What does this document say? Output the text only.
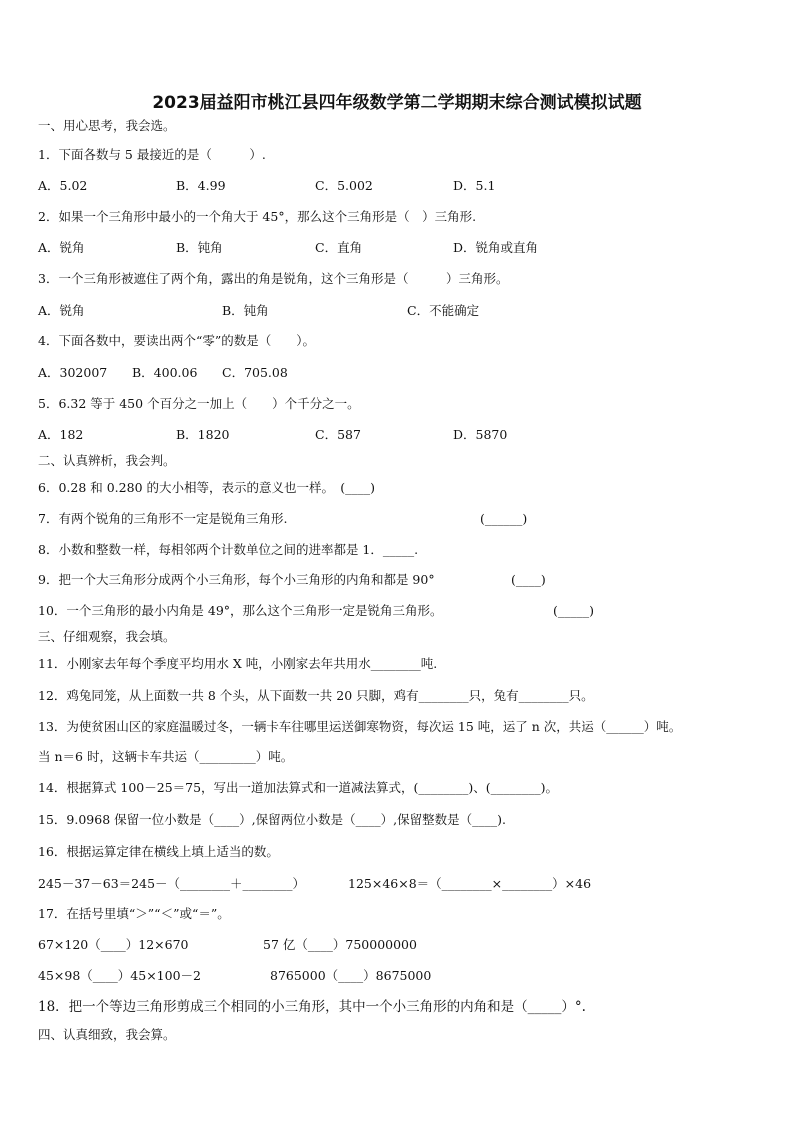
2023届益阳市桃江县四年级数学第二学期期末综合测试模拟试题
一、用心思考，我会选。
1．下面各数与 5 最接近的是（　　　）.
A．5.02	B．4.99	C．5.002	D．5.1
2．如果一个三角形中最小的一个角大于 45°，那么这个三角形是（　）三角形.
A．锐角	B．钝角	C．直角	D．锐角或直角
3．一个三角形被遮住了两个角，露出的角是锐角，这个三角形是（　　　）三角形。
A．锐角	B．钝角	C．不能确定
4．下面各数中，要读出两个“零”的数是（　　）。
A．302007 B．400.06 C．705.08
5．6.32 等于 450 个百分之一加上（　　）个千分之一。
A．182	B．1820	C．587	D．5870
二、认真辨析，我会判。
6．0.28 和 0.280 的大小相等，表示的意义也一样。　(____)
7．有两个锐角的三角形不一定是锐角三角形.	(______)
8．小数和整数一样，每相邻两个计数单位之间的进率都是 1．_____.
9．把一个大三角形分成两个小三角形，每个小三角形的内角和都是 90°	(____)
10．一个三角形的最小内角是 49°，那么这个三角形一定是锐角三角形。	(_____)
三、仔细观察，我会填。
11．小刚家去年每个季度平均用水 X 吨，小刚家去年共用水________吨.
12．鸡兔同笼，从上面数一共 8 个头，从下面数一共 20 只脚，鸡有________只，兔有________只。
13．为使贫困山区的家庭温暖过冬，一辆卡车往哪里运送御寒物资，每次运 15 吨，运了 n 次，共运（______）吨。
当 n＝6 时，这辆卡车共运（_________）吨。
14．根据算式 100－25＝75，写出一道加法算式和一道减法算式，(________)、(________)。
15．9.0968 保留一位小数是（____）,保留两位小数是（____）,保留整数是（____).
16．根据运算定律在横线上填上适当的数。
245－37－63＝245－（________＋________）	125×46×8＝（________×________）×46
17．在括号里填“＞”“＜”或“＝”。
67×120（____）12×670	57 亿（____）750000000
45×98（____）45×100－2	8765000（____）8675000
18．把一个等边三角形剪成三个相同的小三角形，其中一个小三角形的内角和是（_____）°.
四、认真细致，我会算。
